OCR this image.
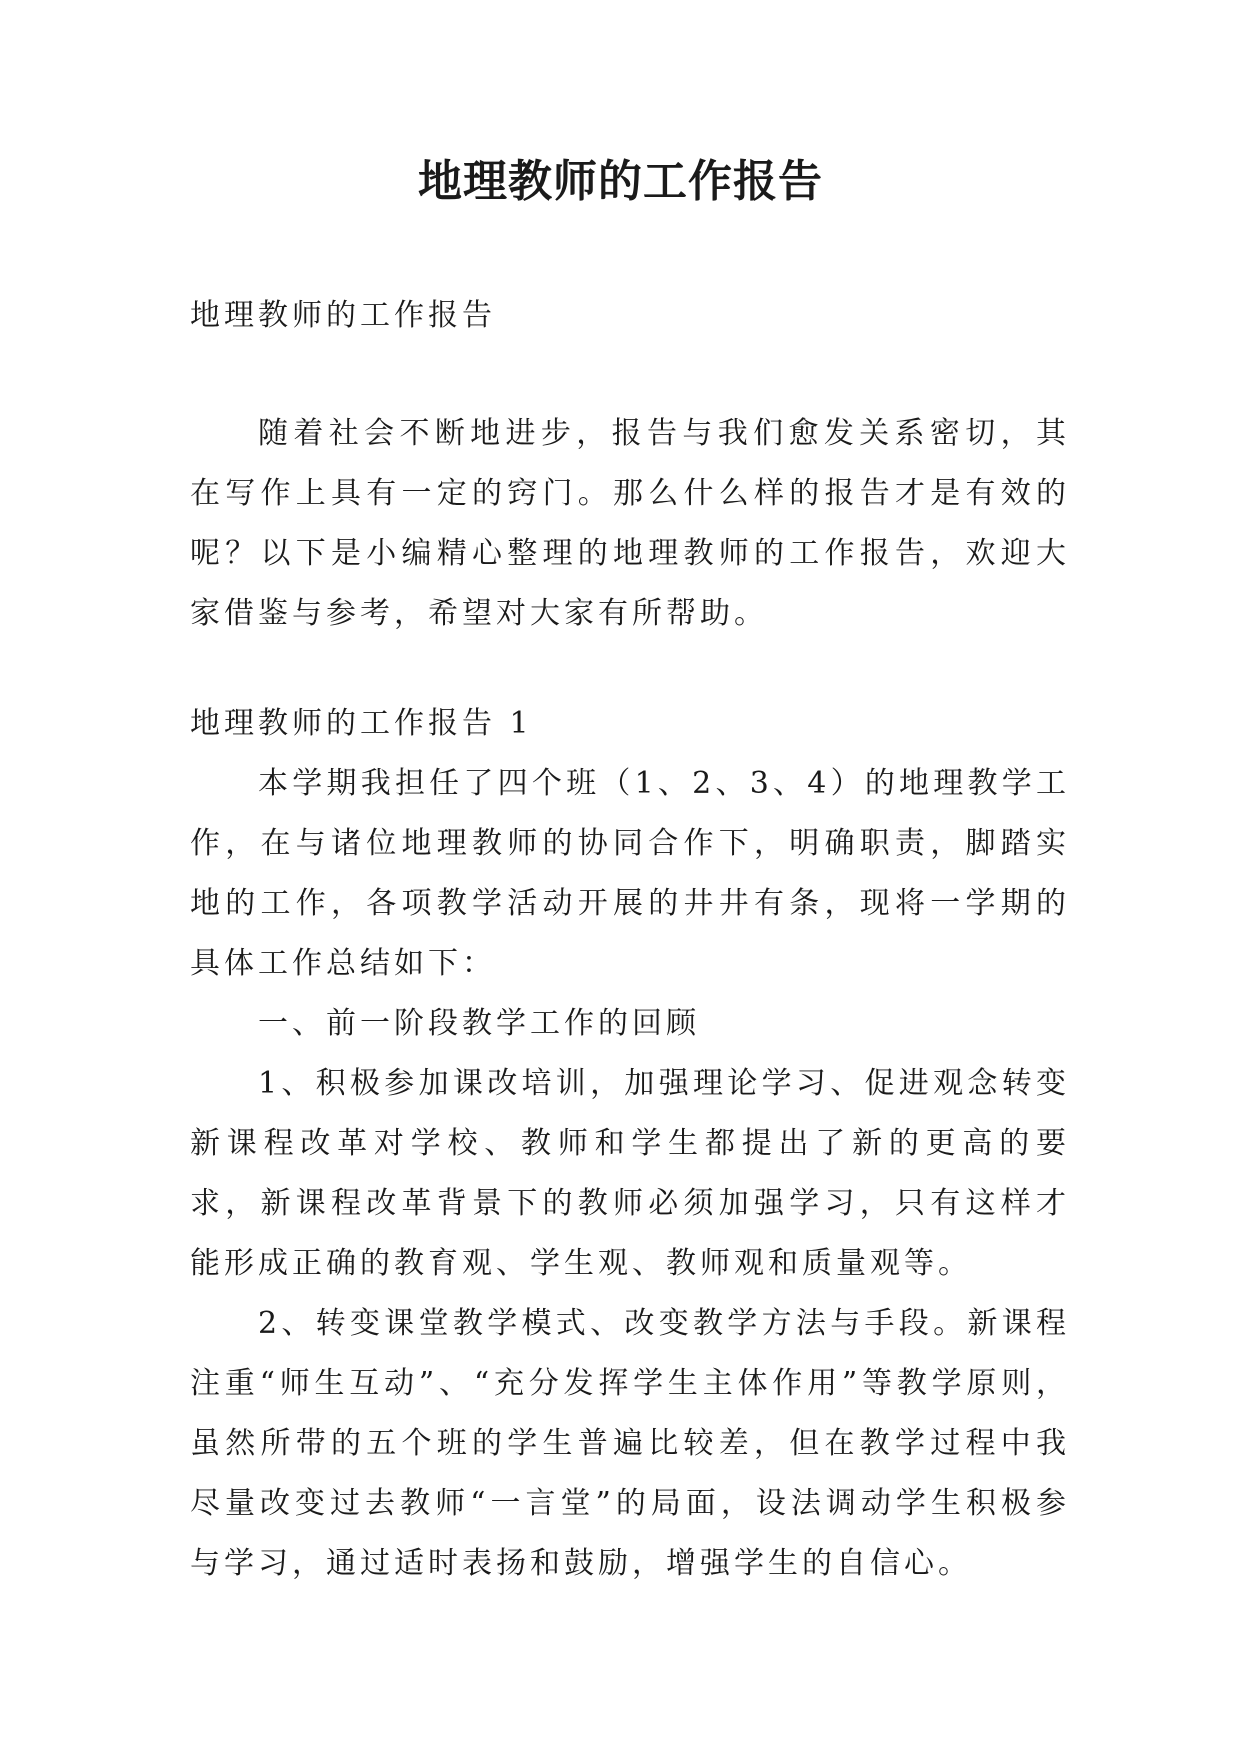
地理教师的工作报告

地理教师的工作报告

随着社会不断地进步，报告与我们愈发关系密切，其在写作上具有一定的窍门。那么什么样的报告才是有效的呢？以下是小编精心整理的地理教师的工作报告，欢迎大家借鉴与参考，希望对大家有所帮助。

地理教师的工作报告 1

本学期我担任了四个班（1、2、3、4）的地理教学工作，在与诸位地理教师的协同合作下，明确职责，脚踏实地的工作，各项教学活动开展的井井有条，现将一学期的具体工作总结如下：

一、前一阶段教学工作的回顾

1、积极参加课改培训，加强理论学习、促进观念转变新课程改革对学校、教师和学生都提出了新的更高的要求，新课程改革背景下的教师必须加强学习，只有这样才能形成正确的教育观、学生观、教师观和质量观等。

2、转变课堂教学模式、改变教学方法与手段。新课程注重“师生互动”、“充分发挥学生主体作用”等教学原则，虽然所带的五个班的学生普遍比较差，但在教学过程中我尽量改变过去教师“一言堂”的局面，设法调动学生积极参与学习，通过适时表扬和鼓励，增强学生的自信心。
